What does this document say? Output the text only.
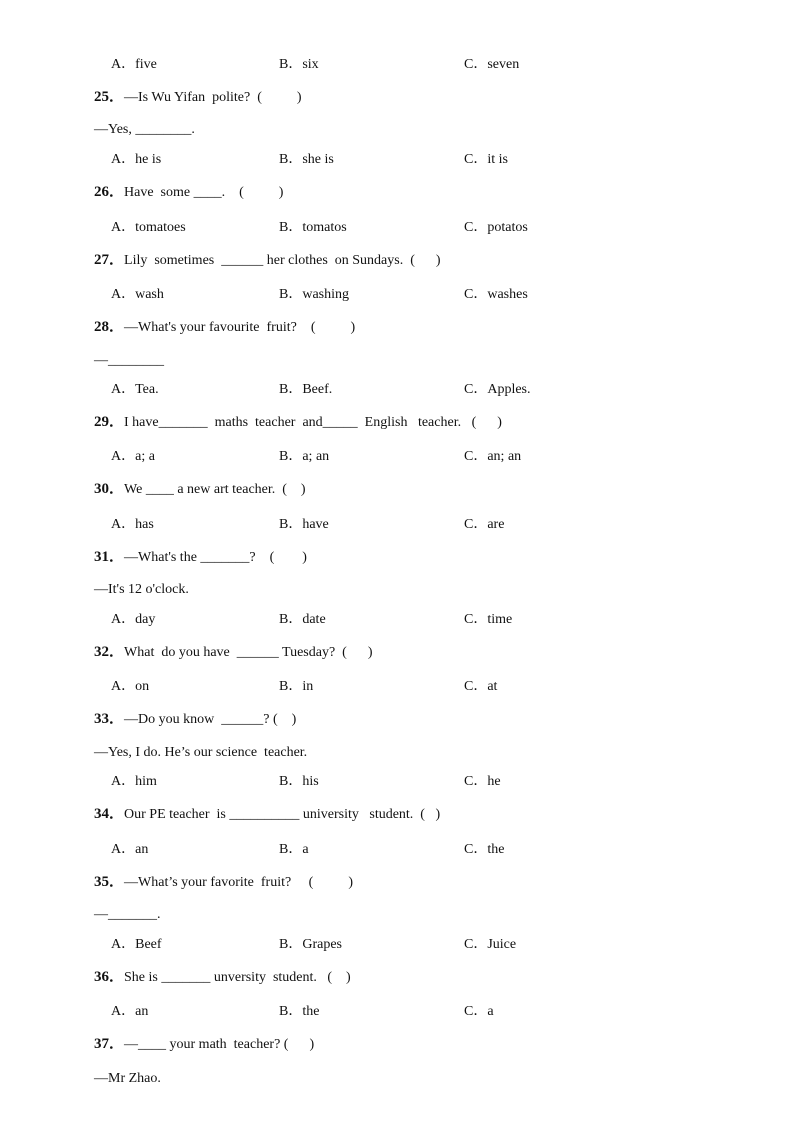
A．five	B．six	C．seven
25．—Is Wu Yifan  polite?  (          )
—Yes, ________.
A．he is	B．she is	C．it is
26．Have  some ____.    (          )
A．tomatoes	B．tomatos	C．potatos
27．Lily  sometimes  ______ her clothes  on Sundays.  (      )
A．wash	B．washing	C．washes
28．—What's your favourite  fruit?    (          )
—________
A．Tea.	B．Beef.	C．Apples.
29．I have_______  maths  teacher  and_____  English   teacher.   (      )
A．a; a	B．a; an	C．an; an
30．We ____ a new art teacher.  (    )
A．has	B．have	C．are
31．—What's the _______?    (        )
—It's 12 o'clock.
A．day	B．date	C．time
32．What  do you have  ______ Tuesday?  (      )
A．on	B．in	C．at
33．—Do you know  ______? (    )
—Yes, I do. He’s our science  teacher.
A．him	B．his	C．he
34．Our PE teacher  is __________ university   student.  (   )
A．an	B．a	C．the
35．—What’s your favorite  fruit?     (          )
—_______.
A．Beef	B．Grapes	C．Juice
36．She is _______ unversity  student.   (    )
A．an	B．the	C．a
37．—____ your math  teacher? (      )
—Mr Zhao.
